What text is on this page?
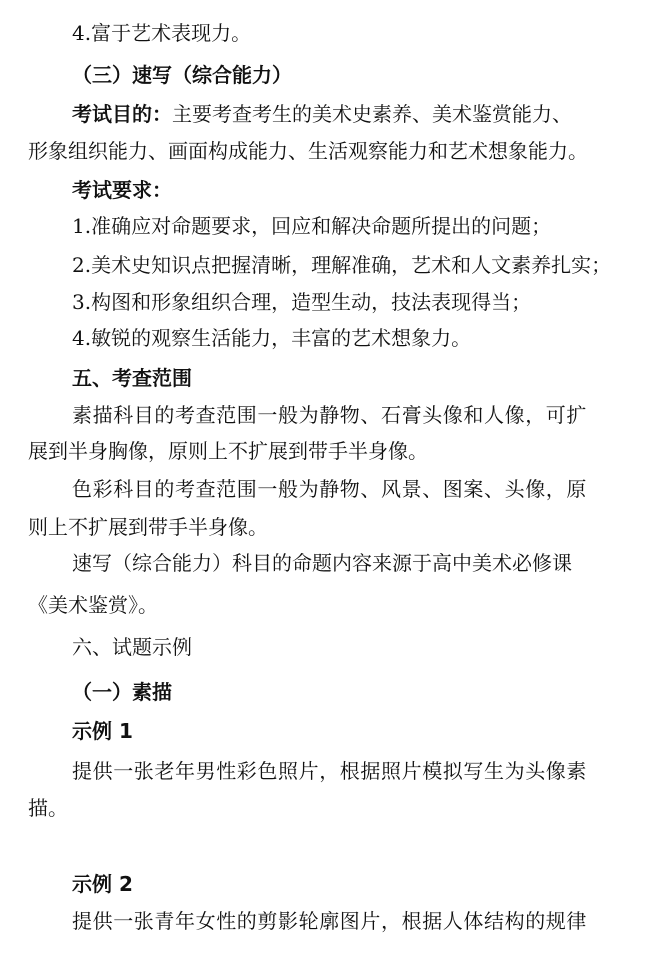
4.富于艺术表现力。
（三）速写（综合能力）
考试目的：主要考查考生的美术史素养、美术鉴赏能力、
形象组织能力、画面构成能力、生活观察能力和艺术想象能力。
考试要求：
1.准确应对命题要求，回应和解决命题所提出的问题；
2.美术史知识点把握清晰，理解准确，艺术和人文素养扎实；
3.构图和形象组织合理，造型生动，技法表现得当；
4.敏锐的观察生活能力，丰富的艺术想象力。
五、考查范围
素描科目的考查范围一般为静物、石膏头像和人像，可扩
展到半身胸像，原则上不扩展到带手半身像。
色彩科目的考查范围一般为静物、风景、图案、头像，原
则上不扩展到带手半身像。
速写（综合能力）科目的命题内容来源于高中美术必修课
《美术鉴赏》。
六、试题示例
（一）素描
示例 1
提供一张老年男性彩色照片，根据照片模拟写生为头像素
描。
示例 2
提供一张青年女性的剪影轮廓图片，根据人体结构的规律
